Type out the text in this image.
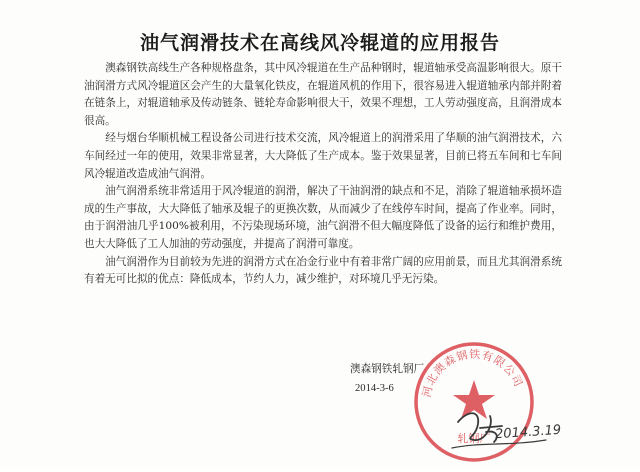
油气润滑技术在高线风冷辊道的应用报告

澳森钢铁高线生产各种规格盘条，其中风冷辊道在生产品种钢时，辊道轴承受高温影响很大。原干油润滑方式风冷辊道区会产生的大量氧化铁皮，在辊道风机的作用下，很容易进入辊道轴承内部并附着在链条上，对辊道轴承及传动链条、链轮寿命影响很大干，效果不理想，工人劳动强度高，且润滑成本很高。

经与烟台华顺机械工程设备公司进行技术交流，风冷辊道上的润滑采用了华顺的油气润滑技术，六车间经过一年的使用，效果非常显著，大大降低了生产成本。鉴于效果显著，目前已将五车间和七车间风冷辊道改造成油气润滑。

油气润滑系统非常适用于风冷辊道的润滑，解决了干油润滑的缺点和不足，消除了辊道轴承损坏造成的生产事故，大大降低了轴承及辊子的更换次数，从而减少了在线停车时间，提高了作业率。同时，由于润滑油几乎100%被利用，不污染现场环境，油气润滑不但大幅度降低了设备的运行和维护费用，也大大降低了工人加油的劳动强度，并提高了润滑可靠度。

油气润滑作为目前较为先进的润滑方式在冶金行业中有着非常广阔的应用前景，而且尤其润滑系统有着无可比拟的优点：降低成本，节约人力，减少维护，对环境几乎无污染。

澳森钢铁轧钢厂
2014-3-6 河北澳森钢铁有限公司
轧钢厂 2014.3.19
